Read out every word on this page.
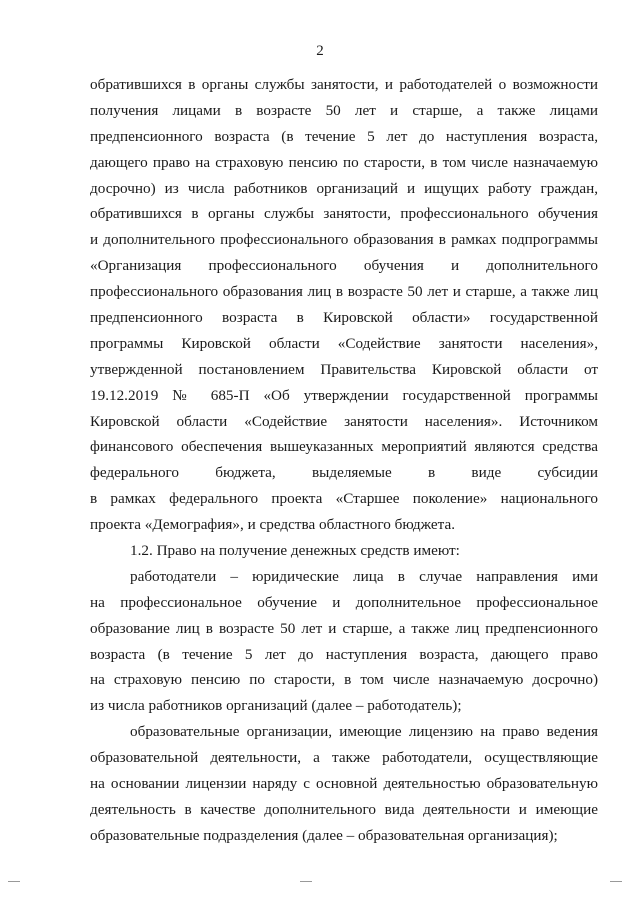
2
обратившихся в органы службы занятости, и работодателей о возможности
получения лицами в возрасте 50 лет и старше, а также лицами
предпенсионного возраста (в течение 5 лет до наступления возраста,
дающего право на страховую пенсию по старости, в том числе назначаемую
досрочно) из числа работников организаций и ищущих работу граждан,
обратившихся в органы службы занятости, профессионального обучения
и дополнительного профессионального образования в рамках подпрограммы
«Организация профессионального обучения и дополнительного
профессионального образования лиц в возрасте 50 лет и старше, а также лиц
предпенсионного возраста в Кировской области» государственной
программы Кировской области «Содействие занятости населения»,
утвержденной постановлением Правительства Кировской области от
19.12.2019 № 685-П «Об утверждении государственной программы
Кировской области «Содействие занятости населения». Источником
финансового обеспечения вышеуказанных мероприятий являются средства
федерального бюджета, выделяемые в виде субсидии
в рамках федерального проекта «Старшее поколение» национального
проекта «Демография», и средства областного бюджета.
1.2. Право на получение денежных средств имеют:
работодатели – юридические лица в случае направления ими
на профессиональное обучение и дополнительное профессиональное
образование лиц в возрасте 50 лет и старше, а также лиц предпенсионного
возраста (в течение 5 лет до наступления возраста, дающего право
на страховую пенсию по старости, в том числе назначаемую досрочно)
из числа работников организаций (далее – работодатель);
образовательные организации, имеющие лицензию на право ведения
образовательной деятельности, а также работодатели, осуществляющие
на основании лицензии наряду с основной деятельностью образовательную
деятельность в качестве дополнительного вида деятельности и имеющие
образовательные подразделения (далее – образовательная организация);
